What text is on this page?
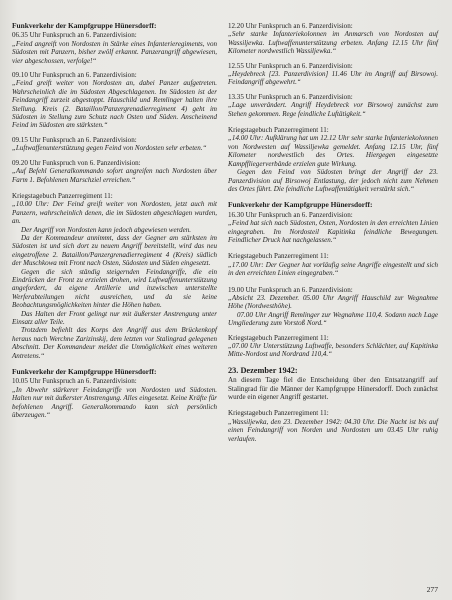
Funkverkehr der Kampfgruppe Hünersdorff:
06.35 Uhr Funkspruch an 6. Panzerdivision:
„Feind angreift von Nordosten in Stärke eines Infanterieregiments, von Südosten mit Panzern, bisher zwölf erkannt. Panzerangriff abgewiesen, vier abgeschossen, verfolge!“
09.10 Uhr Funkspruch an 6. Panzerdivision:
„Feind greift weiter von Nordosten an, dabei Panzer aufgetreten. Wahrscheinlich die im Südosten Abgeschlagenen. Im Südosten ist der Feindangriff zurzeit abgestoppt. Hauschild und Remlinger halten ihre Stellung. Kreis (2. Bataillon/Panzergrenadierregiment 4) geht im Südosten in Stellung zum Schutz nach Osten und Süden. Anscheinend Feind im Südosten am stärksten.“
09.15 Uhr Funkspruch an 6. Panzerdivision:
„Luftwaffenunterstützung gegen Feind von Nordosten sehr erbeten.“
09.20 Uhr Funkspruch von 6. Panzerdivision:
„Auf Befehl Generalkommando sofort angreifen nach Nordosten über Farm 1. Befohlenen Marschziel erreichen.“
Kriegstagebuch Panzerregiment 11:

„10.00 Uhr: Der Feind greift weiter von Nordosten, jetzt auch mit Panzern, wahrscheinlich denen, die im Südosten abgeschlagen wurden, an.

Der Angriff von Nordosten kann jedoch abgewiesen werden.

Da der Kommandeur annimmt, dass der Gegner am stärksten im Südosten ist und sich dort zu neuem Angriff bereitstellt, wird das neu eingetroffene 2. Bataillon/Panzergrenadierregiment 4 (Kreis) südlich der Muschkowa mit Front nach Osten, Südosten und Süden eingesetzt.

Gegen die sich ständig steigernden Feindangriffe, die ein Eindrücken der Front zu erzielen drohen, wird Luftwaffenunterstützung angefordert, da eigene Artillerie und inzwischen unterstellte Werferabteilungen nicht ausreichen, und da sie keine Beobachtungsmöglichkeiten hinter die Höhen haben.

Das Halten der Front gelingt nur mit äußerster Anstrengung unter Einsatz aller Teile.

Trotzdem befiehlt das Korps den Angriff aus dem Brückenkopf heraus nach Werchne Zarizinskij, dem letzten vor Stalingrad gelegenen Abschnitt. Der Kommandeur meldet die Unmöglichkeit eines weiteren Antretens.“

Funkverkehr der Kampfgruppe Hünersdorff:
10.05 Uhr Funkspruch an 6. Panzerdivision:
„In Abwehr stärkerer Feindangriffe von Nordosten und Südosten. Halten nur mit äußerster Anstrengung. Alles eingesetzt. Keine Kräfte für befohlenen Angriff. Generalkommando kann sich persönlich überzeugen.“
12.20 Uhr Funkspruch an 6. Panzerdivision:
„Sehr starke Infanteriekolonnen im Anmarsch von Nordosten auf Wassiljewka. Luftwaffenunterstützung erbeten. Anfang 12.15 Uhr fünf Kilometer nordwestlich Wassiljewka.“
12.55 Uhr Funkspruch an 6. Panzerdivision:
„Heydebreck [23. Panzerdivision] 11.46 Uhr im Angriff auf Birsowoj. Feindangriff abgewehrt.“
13.35 Uhr Funkspruch an 6. Panzerdivision:
„Lage unverändert. Angriff Heydebreck vor Birsowoj zunächst zum Stehen gekommen. Rege feindliche Luftätigkeit.“
Kriegstagebuch Panzerregiment 11:

„14.00 Uhr: Aufklärung hat um 12.12 Uhr sehr starke Infanteriekolonnen von Nordwesten auf Wassiljewka gemeldet. Anfang 12.15 Uhr, fünf Kilometer nordwestlich des Ortes. Hiergegen eingesetzte Kampffliegerverbände erzielen gute Wirkung.

Gegen den Feind von Südosten bringt der Angriff der 23. Panzerdivision auf Birsowoj Entlastung, der jedoch nicht zum Nehmen des Ortes führt. Die feindliche Luftwaffentätigkeit verstärkt sich.“

Funkverkehr der Kampfgruppe Hünersdorff:
16.30 Uhr Funkspruch an 6. Panzerdivision:
„Feind hat sich nach Südosten, Osten, Nordosten in den erreichten Linien eingegraben. Im Nordosteil Kapitinka feindliche Bewegungen. Feindlicher Druck hat nachgelassen.“
Kriegstagebuch Panzerregiment 11:
„17.00 Uhr: Der Gegner hat vorläufig seine Angriffe eingestellt und sich in den erreichten Linien eingegraben.“
19.00 Uhr Funkspruch an 6. Panzerdivision:

„Absicht 23. Dezember. 05.00 Uhr Angriff Hauschild zur Wegnahme Höhe (Nordwesthöhe).

07.00 Uhr Angriff Remlinger zur Wegnahme 110,4. Sodann nach Lage Umgliederung zum Vorstoß Nord.“

Kriegstagebuch Panzerregiment 11:
„07.00 Uhr Unterstützung Luftwaffe, besonders Schlächter, auf Kapitinka Mitte-Nordost und Nordrand 110,4.“
23. Dezember 1942:
An diesem Tage fiel die Entscheidung über den Entsatzangriff auf Stalingrad für die Männer der Kampfgruppe Hünersdorff. Doch zunächst wurde ein eigener Angriff gestartet.
Kriegstagebuch Panzerregiment 11:
„Wassiljewka, den 23. Dezember 1942: 04.30 Uhr. Die Nacht ist bis auf einen Feindangriff von Norden und Nordosten um 03.45 Uhr ruhig verlaufen.
277
